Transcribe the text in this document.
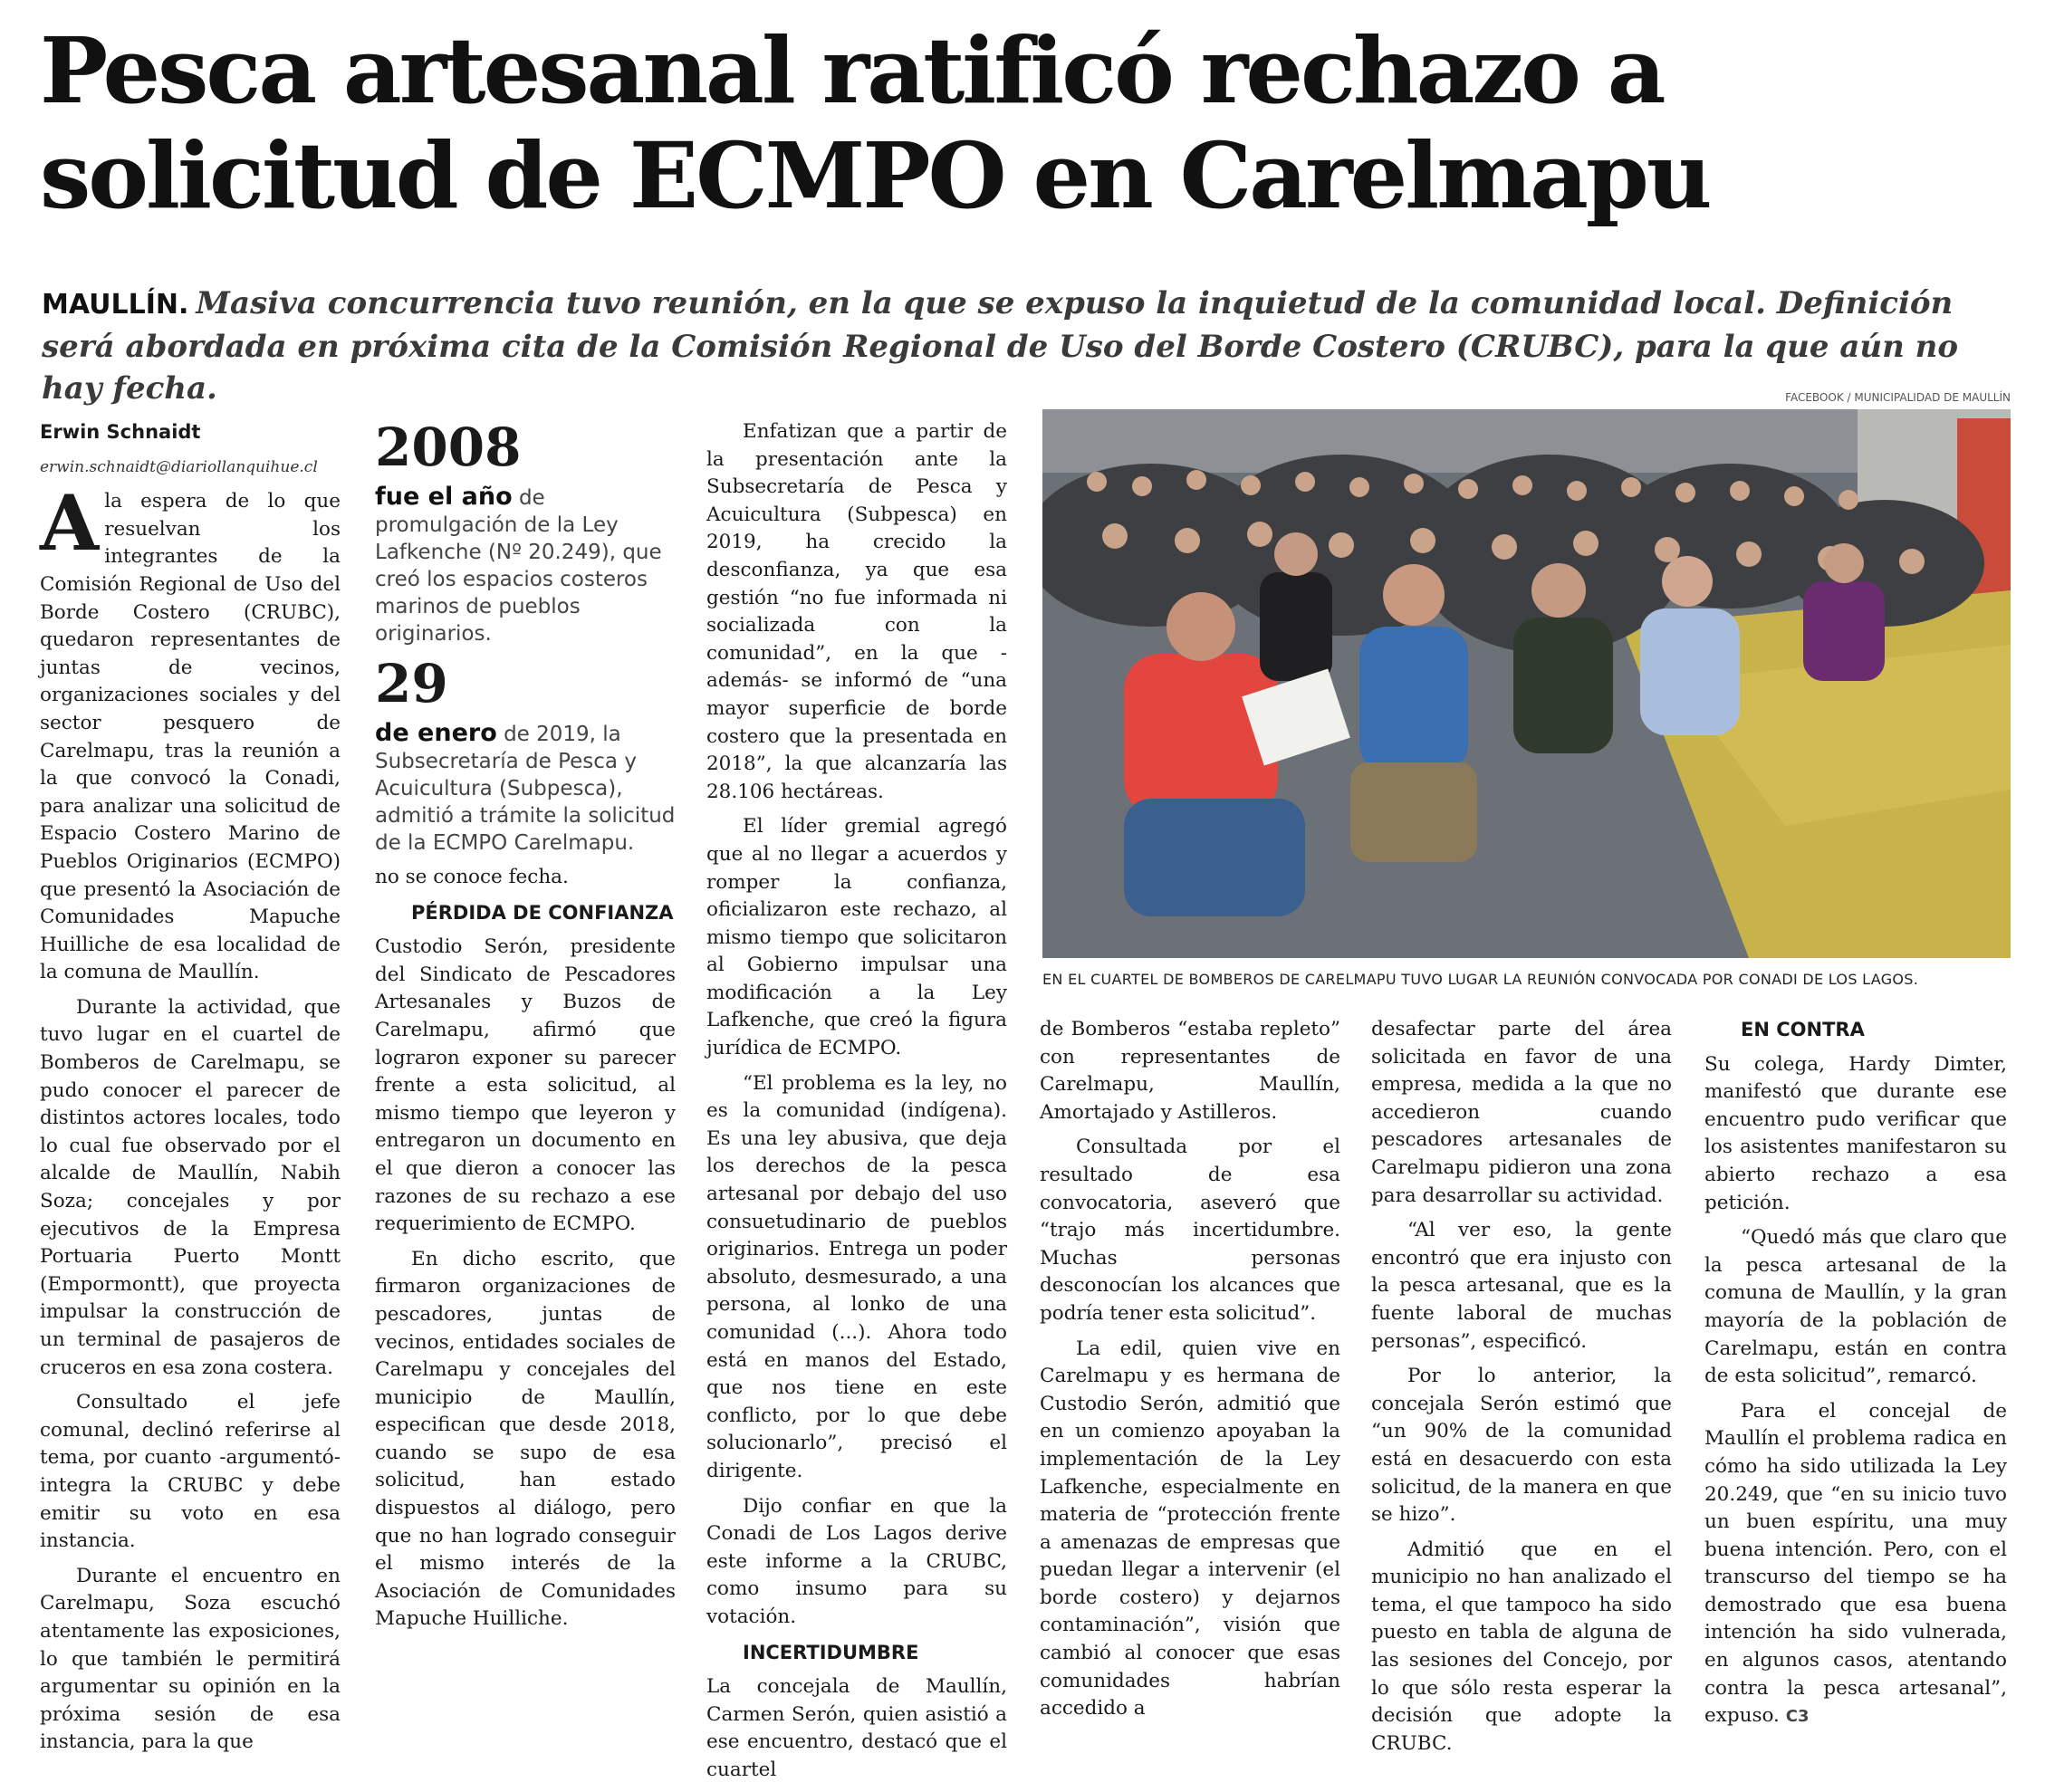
Pesca artesanal ratificó rechazo a solicitud de ECMPO en Carelmapu

MAULLÍN. Masiva concurrencia tuvo reunión, en la que se expuso la inquietud de la comunidad local. Definición será abordada en próxima cita de la Comisión Regional de Uso del Borde Costero (CRUBC), para la que aún no hay fecha.

Erwin Schnaidt

erwin.schnaidt@diariollanquihue.cl

Ala espera de lo que resuelvan los integrantes de la Comisión Regional de Uso del Borde Costero (CRUBC), quedaron representantes de juntas de vecinos, organizaciones sociales y del sector pesquero de Carelmapu, tras la reunión a la que convocó la Conadi, para analizar una solicitud de Espacio Costero Marino de Pueblos Originarios (ECMPO) que presentó la Asociación de Comunidades Mapuche Huilliche de esa localidad de la comuna de Maullín.

Durante la actividad, que tuvo lugar en el cuartel de Bomberos de Carelmapu, se pudo conocer el parecer de distintos actores locales, todo lo cual fue observado por el alcalde de Maullín, Nabih Soza; concejales y por ejecutivos de la Empresa Portuaria Puerto Montt (Empormontt), que proyecta impulsar la construcción de un terminal de pasajeros de cruceros en esa zona costera.

Consultado el jefe comunal, declinó referirse al tema, por cuanto -argumentó- integra la CRUBC y debe emitir su voto en esa instancia.

Durante el encuentro en Carelmapu, Soza escuchó atentamente las exposiciones, lo que también le permitirá argumentar su opinión en la próxima sesión de esa instancia, para la que

2008

fue el año de promulgación de la Ley Lafkenche (Nº 20.249), que creó los espacios costeros marinos de pueblos originarios.

29

de enero de 2019, la Subsecretaría de Pesca y Acuicultura (Subpesca), admitió a trámite la solicitud de la ECMPO Carelmapu.

no se conoce fecha.

PÉRDIDA DE CONFIANZA

Custodio Serón, presidente del Sindicato de Pescadores Artesanales y Buzos de Carelmapu, afirmó que lograron exponer su parecer frente a esta solicitud, al mismo tiempo que leyeron y entregaron un documento en el que dieron a conocer las razones de su rechazo a ese requerimiento de ECMPO.

En dicho escrito, que firmaron organizaciones de pescadores, juntas de vecinos, entidades sociales de Carelmapu y concejales del municipio de Maullín, especifican que desde 2018, cuando se supo de esa solicitud, han estado dispuestos al diálogo, pero que no han logrado conseguir el mismo interés de la Asociación de Comunidades Mapuche Huilliche.

Enfatizan que a partir de la presentación ante la Subsecretaría de Pesca y Acuicultura (Subpesca) en 2019, ha crecido la desconfianza, ya que esa gestión “no fue informada ni socializada con la comunidad”, en la que -además- se informó de “una mayor superficie de borde costero que la presentada en 2018”, la que alcanzaría las 28.106 hectáreas.

El líder gremial agregó que al no llegar a acuerdos y romper la confianza, oficializaron este rechazo, al mismo tiempo que solicitaron al Gobierno impulsar una modificación a la Ley Lafkenche, que creó la figura jurídica de ECMPO.

“El problema es la ley, no es la comunidad (indígena). Es una ley abusiva, que deja los derechos de la pesca artesanal por debajo del uso consuetudinario de pueblos originarios. Entrega un poder absoluto, desmesurado, a una persona, al lonko de una comunidad (...). Ahora todo está en manos del Estado, que nos tiene en este conflicto, por lo que debe solucionarlo”, precisó el dirigente.

Dijo confiar en que la Conadi de Los Lagos derive este informe a la CRUBC, como insumo para su votación.

INCERTIDUMBRE

La concejala de Maullín, Carmen Serón, quien asistió a ese encuentro, destacó que el cuartel

FACEBOOK / MUNICIPALIDAD DE MAULLÍN

EN EL CUARTEL DE BOMBEROS DE CARELMAPU TUVO LUGAR LA REUNIÓN CONVOCADA POR CONADI DE LOS LAGOS.

de Bomberos “estaba repleto” con representantes de Carelmapu, Maullín, Amortajado y Astilleros.

Consultada por el resultado de esa convocatoria, aseveró que “trajo más incertidumbre. Muchas personas desconocían los alcances que podría tener esta solicitud”.

La edil, quien vive en Carelmapu y es hermana de Custodio Serón, admitió que en un comienzo apoyaban la implementación de la Ley Lafkenche, especialmente en materia de “protección frente a amenazas de empresas que puedan llegar a intervenir (el borde costero) y dejarnos contaminación”, visión que cambió al conocer que esas comunidades habrían accedido a

desafectar parte del área solicitada en favor de una empresa, medida a la que no accedieron cuando pescadores artesanales de Carelmapu pidieron una zona para desarrollar su actividad.

“Al ver eso, la gente encontró que era injusto con la pesca artesanal, que es la fuente laboral de muchas personas”, especificó.

Por lo anterior, la concejala Serón estimó que “un 90% de la comunidad está en desacuerdo con esta solicitud, de la manera en que se hizo”.

Admitió que en el municipio no han analizado el tema, el que tampoco ha sido puesto en tabla de alguna de las sesiones del Concejo, por lo que sólo resta esperar la decisión que adopte la CRUBC.

EN CONTRA

Su colega, Hardy Dimter, manifestó que durante ese encuentro pudo verificar que los asistentes manifestaron su abierto rechazo a esa petición.

“Quedó más que claro que la pesca artesanal de la comuna de Maullín, y la gran mayoría de la población de Carelmapu, están en contra de esta solicitud”, remarcó.

Para el concejal de Maullín el problema radica en cómo ha sido utilizada la Ley 20.249, que “en su inicio tuvo un buen espíritu, una muy buena intención. Pero, con el transcurso del tiempo se ha demostrado que esa buena intención ha sido vulnerada, en algunos casos, atentando contra la pesca artesanal”, expuso. C3
